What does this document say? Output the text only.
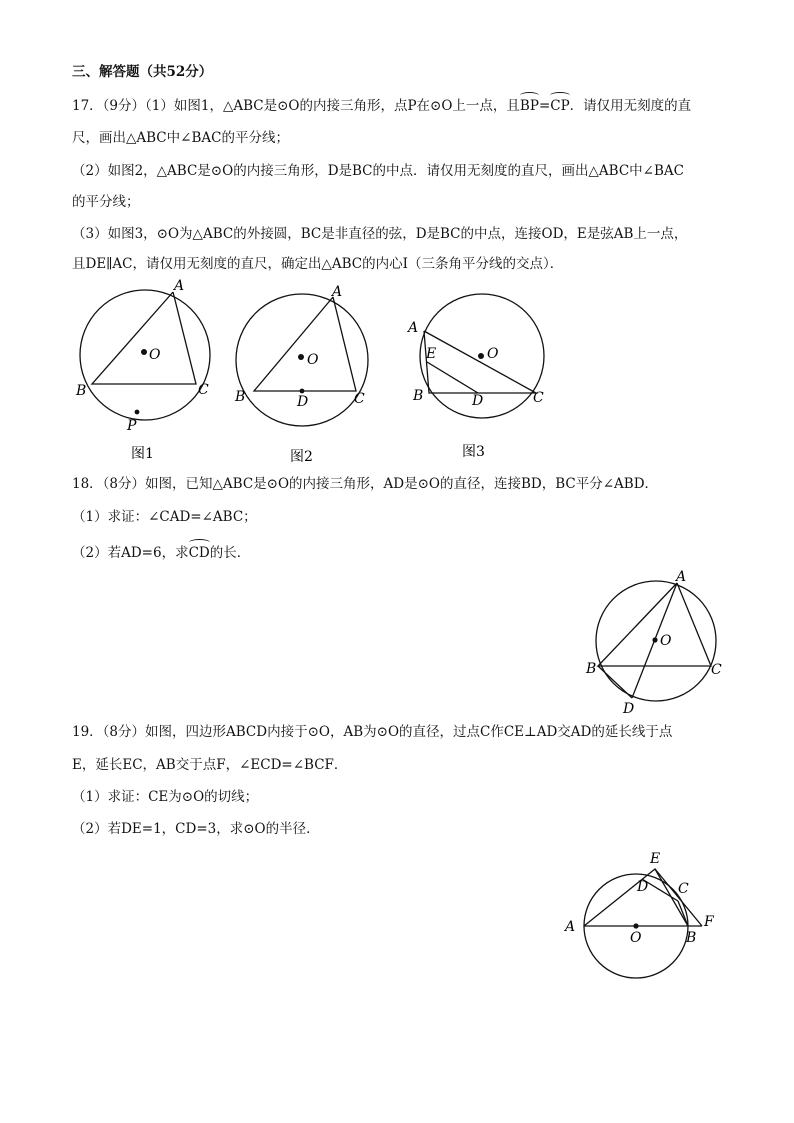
三、解答题（共52分）
17．（9分）（1）如图1，△ABC是⊙O的内接三角形，点P在⊙O上一点，且BP=CP．请仅用无刻度的直
尺，画出△ABC中∠BAC的平分线；
（2）如图2，△ABC是⊙O的内接三角形，D是BC的中点．请仅用无刻度的直尺，画出△ABC中∠BAC
的平分线；
（3）如图3，⊙O为△ABC的外接圆，BC是非直径的弦，D是BC的中点，连接OD，E是弦AB上一点，
且DE∥AC，请仅用无刻度的直尺，确定出△ABC的内心I（三条角平分线的交点）．
A
B	C
O
P
图1
A
B	C
D
O
图2
A
E
B	D	C
O
图3
18．（8分）如图，已知△ABC是⊙O的内接三角形，AD是⊙O的直径，连接BD，BC平分∠ABD．
（1）求证：∠CAD=∠ABC；
（2）若AD=6，求CD的长．
A
B	C
D
O
19．（8分）如图，四边形ABCD内接于⊙O，AB为⊙O的直径，过点C作CE⊥AD交AD的延长线于点
E，延长EC，AB交于点F，∠ECD=∠BCF．
（1）求证：CE为⊙O的切线；
（2）若DE=1，CD=3，求⊙O的半径．
E
D C
A
O	B
F
